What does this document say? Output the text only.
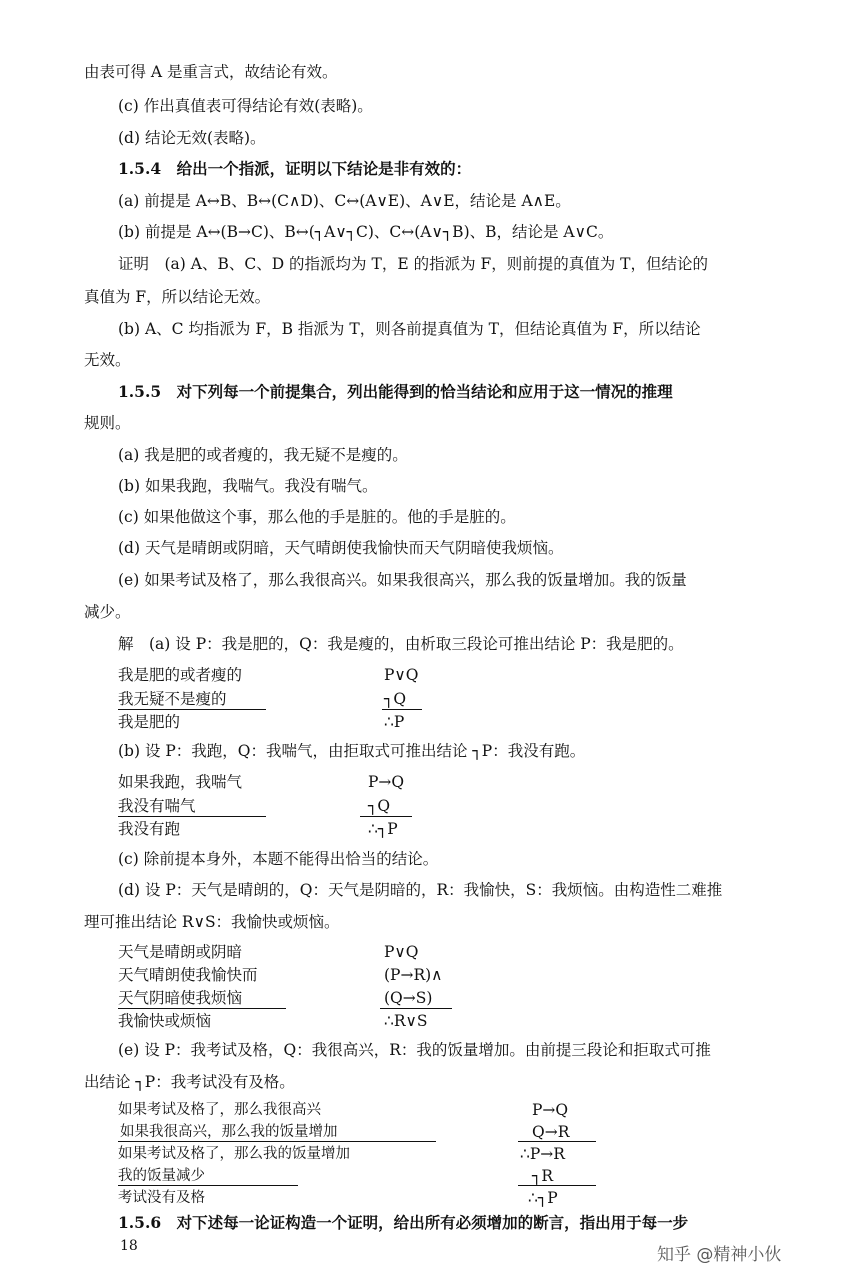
由表可得 A 是重言式，故结论有效。
(c) 作出真值表可得结论有效(表略)。
(d) 结论无效(表略)。
1.5.4　给出一个指派，证明以下结论是非有效的：
(a) 前提是 A↔B、B↔(C∧D)、C↔(A∨E)、A∨E，结论是 A∧E。
(b) 前提是 A↔(B→C)、B↔(┐A∨┐C)、C↔(A∨┐B)、B，结论是 A∨C。
证明　(a) A、B、C、D 的指派均为 T，E 的指派为 F，则前提的真值为 T，但结论的
真值为 F，所以结论无效。
(b) A、C 均指派为 F，B 指派为 T，则各前提真值为 T，但结论真值为 F，所以结论
无效。
1.5.5　对下列每一个前提集合，列出能得到的恰当结论和应用于这一情况的推理
规则。
(a) 我是肥的或者瘦的，我无疑不是瘦的。
(b) 如果我跑，我喘气。我没有喘气。
(c) 如果他做这个事，那么他的手是脏的。他的手是脏的。
(d) 天气是晴朗或阴暗，天气晴朗使我愉快而天气阴暗使我烦恼。
(e) 如果考试及格了，那么我很高兴。如果我很高兴，那么我的饭量增加。我的饭量
减少。
解　(a) 设 P：我是肥的，Q：我是瘦的，由析取三段论可推出结论 P：我是肥的。
我是肥的或者瘦的	P∨Q
我无疑不是瘦的	┐Q
我是肥的	∴P
(b) 设 P：我跑，Q：我喘气，由拒取式可推出结论 ┐P：我没有跑。
如果我跑，我喘气	P→Q
我没有喘气	┐Q
我没有跑	∴┐P
(c) 除前提本身外，本题不能得出恰当的结论。
(d) 设 P：天气是晴朗的，Q：天气是阴暗的，R：我愉快，S：我烦恼。由构造性二难推
理可推出结论 R∨S：我愉快或烦恼。
天气是晴朗或阴暗	P∨Q
天气晴朗使我愉快而	(P→R)∧
天气阴暗使我烦恼	(Q→S)
我愉快或烦恼	∴R∨S
(e) 设 P：我考试及格，Q：我很高兴，R：我的饭量增加。由前提三段论和拒取式可推
出结论 ┐P：我考试没有及格。
如果考试及格了，那么我很高兴	P→Q
如果我很高兴，那么我的饭量增加	Q→R
如果考试及格了，那么我的饭量增加	∴P→R
我的饭量减少	┐R
考试没有及格	∴┐P
1.5.6　对下述每一论证构造一个证明，给出所有必须增加的断言，指出用于每一步
18	知乎 @精神小伙
